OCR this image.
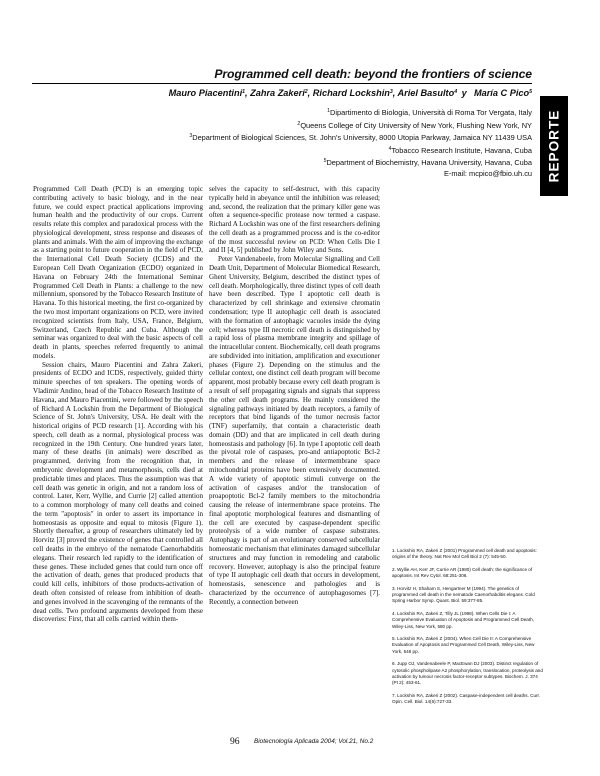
Programmed cell death: beyond the frontiers of science
Mauro Piacentini$^1$, Zahra Zakeri$^2$, Richard Lockshin$^3$, Ariel Basulto$^4$ y  María C Pico$^5$
$^1$Dipartimento di Biologia, Università di Roma Tor Vergata, Italy
$^2$Queens College of City University of New York, Flushing New York, NY
$^3$Department of Biological Sciences, St. John's University, 8000 Utopia Parkway, Jamaica NY 11439 USA
$^4$Tobacco Research Institute, Havana, Cuba
$^5$Department of Biochemistry, Havana University, Havana, Cuba
E-mail: mcpico@fbio.uh.cu REPORTE

Programmed Cell Death (PCD) is an emerging topic contributing actively to basic biology, and in the near future, we could expect practical applications improving human health and the productivity of our crops. Current results relate this complex and paradoxical process with the physiological development, stress response and diseases of plants and animals. With the aim of improving the exchange as a starting point to future cooperation in the field of PCD, the International Cell Death Society (ICDS) and the European Cell Death Organization (ECDO) organized in Havana on February 24th the International Seminar Programmed Cell Death in Plants: a challenge to the new millennium, sponsored by the Tobacco Research Institute of Havana. To this historical meeting, the first co-organized by the two most important organizations on PCD, were invited recognized scientists from Italy, USA, France, Belgium, Switzerland, Czech Republic and Cuba. Although the seminar was organized to deal with the basic aspects of cell death in plants, speeches referred frequently to animal models.

Session chairs, Mauro Piacentini and Zahra Zakeri, presidents of ECDO and ICDS, respectively, guided thirty minute speeches of ten speakers. The opening words of Vladimir Andino, head of the Tobacco Research Institute of Havana, and Mauro Piacentini, were followed by the speech of Richard A Lockshin from the Department of Biological Science of St. John's University, USA. He dealt with the historical origins of PCD research [1]. According with his speech, cell death as a normal, physiological process was recognized in the 19th Century. One hundred years later, many of these deaths (in animals) were described as programmed, deriving from the recognition that, in embryonic development and metamorphosis, cells died at predictable times and places. Thus the assumption was that cell death was genetic in origin, and not a random loss of control. Later, Kerr, Wyllie, and Currie [2] called attention to a common morphology of many cell deaths and coined the term "apoptosis" in order to assert its importance in homeostasis as opposite and equal to mitosis (Figure 1). Shortly thereafter, a group of researchers ultimately led by Horvitz [3] proved the existence of genes that controlled all cell deaths in the embryo of the nematode Caenorhabditis elegans. Their research led rapidly to the identification of these genes. These included genes that could turn once off the activation of death, genes that produced products that could kill cells, inhibitors of those products-activation of death often consisted of release from inhibition of death-and genes involved in the scavenging of the remnants of the dead cells. Two profound arguments developed from these discoveries: First, that all cells carried within them-

selves the capacity to self-destruct, with this capacity typically held in abeyance until the inhibition was released; and, second, the realization that the primary killer gene was often a sequence-specific protease now termed a caspase. Richard A Lockshin was one of the first researchers defining the cell death as a programmed process and is the co-editor of the most successful review on PCD: When Cells Die I and II [4, 5] published by John Wiley and Sons.

Peter Vandenabeele, from Molecular Signalling and Cell Death Unit, Department of Molecular Biomedical Research, Ghent University, Belgium, described the distinct types of cell death. Morphologically, three distinct types of cell death have been described. Type I apoptotic cell death is characterized by cell shrinkage and extensive chromatin condensation; type II autophagic cell death is associated with the formation of autophagic vacuoles inside the dying cell; whereas type III necrotic cell death is distinguished by a rapid loss of plasma membrane integrity and spillage of the intracellular content. Biochemically, cell death programs are subdivided into initiation, amplification and executioner phases (Figure 2). Depending on the stimulus and the cellular context, one distinct cell death program will become apparent, most probably because every cell death program is a result of self propagating signals and signals that suppress the other cell death programs. He mainly considered the signaling pathways initiated by death receptors, a family of receptors that bind ligands of the tumor necrosis factor (TNF) superfamily, that contain a characteristic death domain (DD) and that are implicated in cell death during homeostasis and pathology [6]. In type I apoptotic cell death the pivotal role of caspases, pro-and antiapoptotic Bcl-2 members and the release of intermembrane space mitochondrial proteins have been extensively documented. A wide variety of apoptotic stimuli converge on the activation of caspases and/or the translocation of proapoptotic Bcl-2 family members to the mitochondria causing the release of intermembrane space proteins. The final apoptotic morphological features and dismantling of the cell are executed by caspase-dependent specific proteolysis of a wide number of caspase substrates. Autophagy is part of an evolutionary conserved subcellular homeostatic mechanism that eliminates damaged subcellular structures and may function in remodeling and catabolic recovery. However, autophagy is also the principal feature of type II autophagic cell death that occurs in development, homeostasis, senescence and pathologies and is characterized by the occurrence of autophagosomes [7]. Recently, a connection between

1. Lockshin RA, Zakeri Z (2001) Programmed cell death and apoptosis: origins of the theory. Nat Rev Mol Cell Biol 2 (7): 545-50.
2. Wyllie AH, Kerr JF, Currie AR (1980) Cell death: the significance of apoptosis. Int Rev Cytol. 68:251-306.
3. Horvitz H, Shaham S, Hengartner M (1994). The genetics of programmed cell death in the nematode Caenorhabditis elegans. Cold Spring Harbor Symp. Quant. Biol. 59:377-85.
4. Lockshin RA, Zakeri Z, Tilly JL (1998). When Cells Die I: A Comprehensive Evaluation of Apoptosis and Programmed Cell Death, Wiley-Liss, New York, 580 pp.
5. Lockshin RA, Zakeri Z (2004). When Cell Die II: A Comprehensive Evaluation of Apoptosis and Programmed Cell Death, Wiley-Liss, New York, 548 pp.
6. Jupp OJ, Vandenabeele P, MacEwan DJ (2003). Distinct regulation of cytosolic phospholipase A2 phosphorylation, translocation, proteolysis and activation by tumour necrosis factor-receptor subtypes. Biochem. J. 374 (Pt 2): 453-61.
7. Lockshin RA, Zakeri Z (2002). Caspase-independent cell deaths. Curr. Opin. Cell. Biol. 14(6):727-33.
96 Biotecnología Aplicada 2004; Vol.21, No.2
